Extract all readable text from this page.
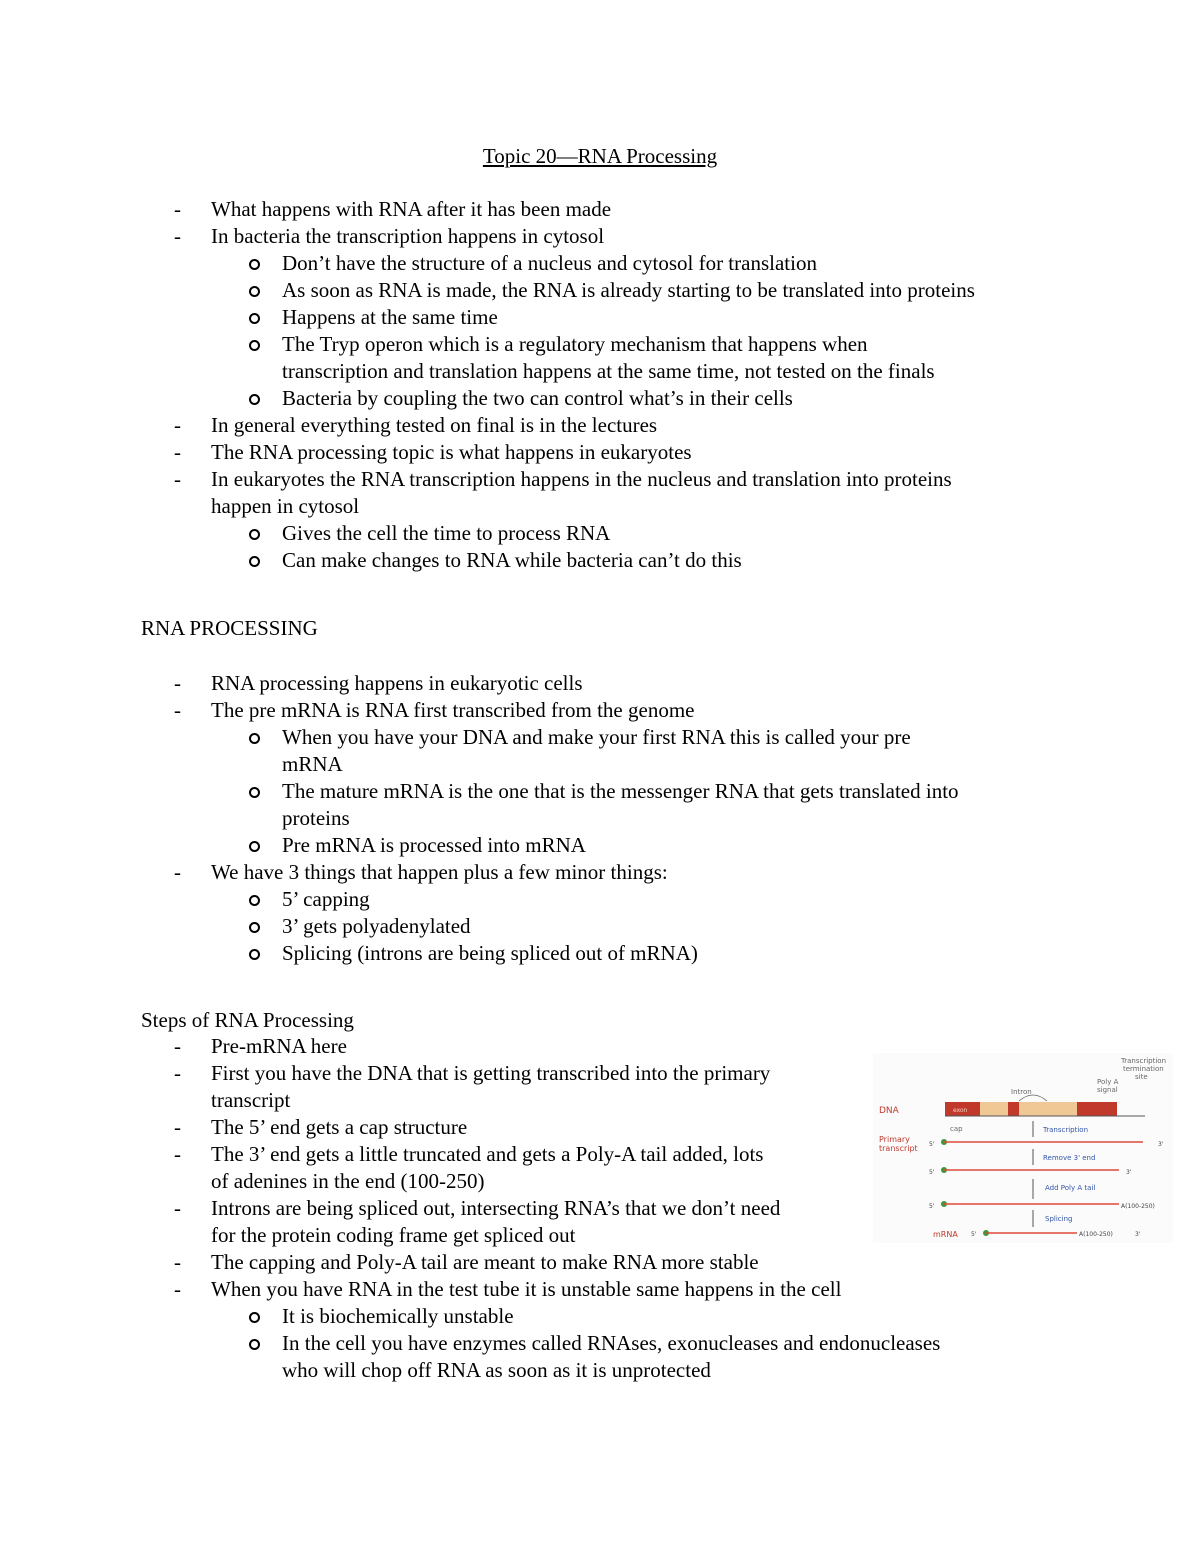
Topic 20—RNA Processing
- What happens with RNA after it has been made
- In bacteria the transcription happens in cytosol
Don’t have the structure of a nucleus and cytosol for translation
As soon as RNA is made, the RNA is already starting to be translated into proteins
Happens at the same time
The Tryp operon which is a regulatory mechanism that happens when
transcription and translation happens at the same time, not tested on the finals
Bacteria by coupling the two can control what’s in their cells
- In general everything tested on final is in the lectures
- The RNA processing topic is what happens in eukaryotes
- In eukaryotes the RNA transcription happens in the nucleus and translation into proteins
happen in cytosol
Gives the cell the time to process RNA
Can make changes to RNA while bacteria can’t do this
RNA PROCESSING
- RNA processing happens in eukaryotic cells
- The pre mRNA is RNA first transcribed from the genome
When you have your DNA and make your first RNA this is called your pre
mRNA
The mature mRNA is the one that is the messenger RNA that gets translated into
proteins
Pre mRNA is processed into mRNA
- We have 3 things that happen plus a few minor things:
5’ capping
3’ gets polyadenylated
Splicing (introns are being spliced out of mRNA)
Steps of RNA Processing
- Pre-mRNA here
- First you have the DNA that is getting transcribed into the primary
transcript
- The 5’ end gets a cap structure
- The 3’ end gets a little truncated and gets a Poly-A tail added, lots
of adenines in the end (100-250)
- Introns are being spliced out, intersecting RNA’s that we don’t need
for the protein coding frame get spliced out
- The capping and Poly-A tail are meant to make RNA more stable
- When you have RNA in the test tube it is unstable same happens in the cell
It is biochemically unstable
In the cell you have enzymes called RNAses, exonucleases and endonucleases
who will chop off RNA as soon as it is unprotected
Transcription
termination
site
Poly A
signal
Intron
DNA	exon
Primary
transcript
cap
5'	3'
Transcription
5'	3'
Remove 3' end
5'	A(100-250)
Add Poly A tail
mRNA 5'	A(100-250)	3'
Splicing
